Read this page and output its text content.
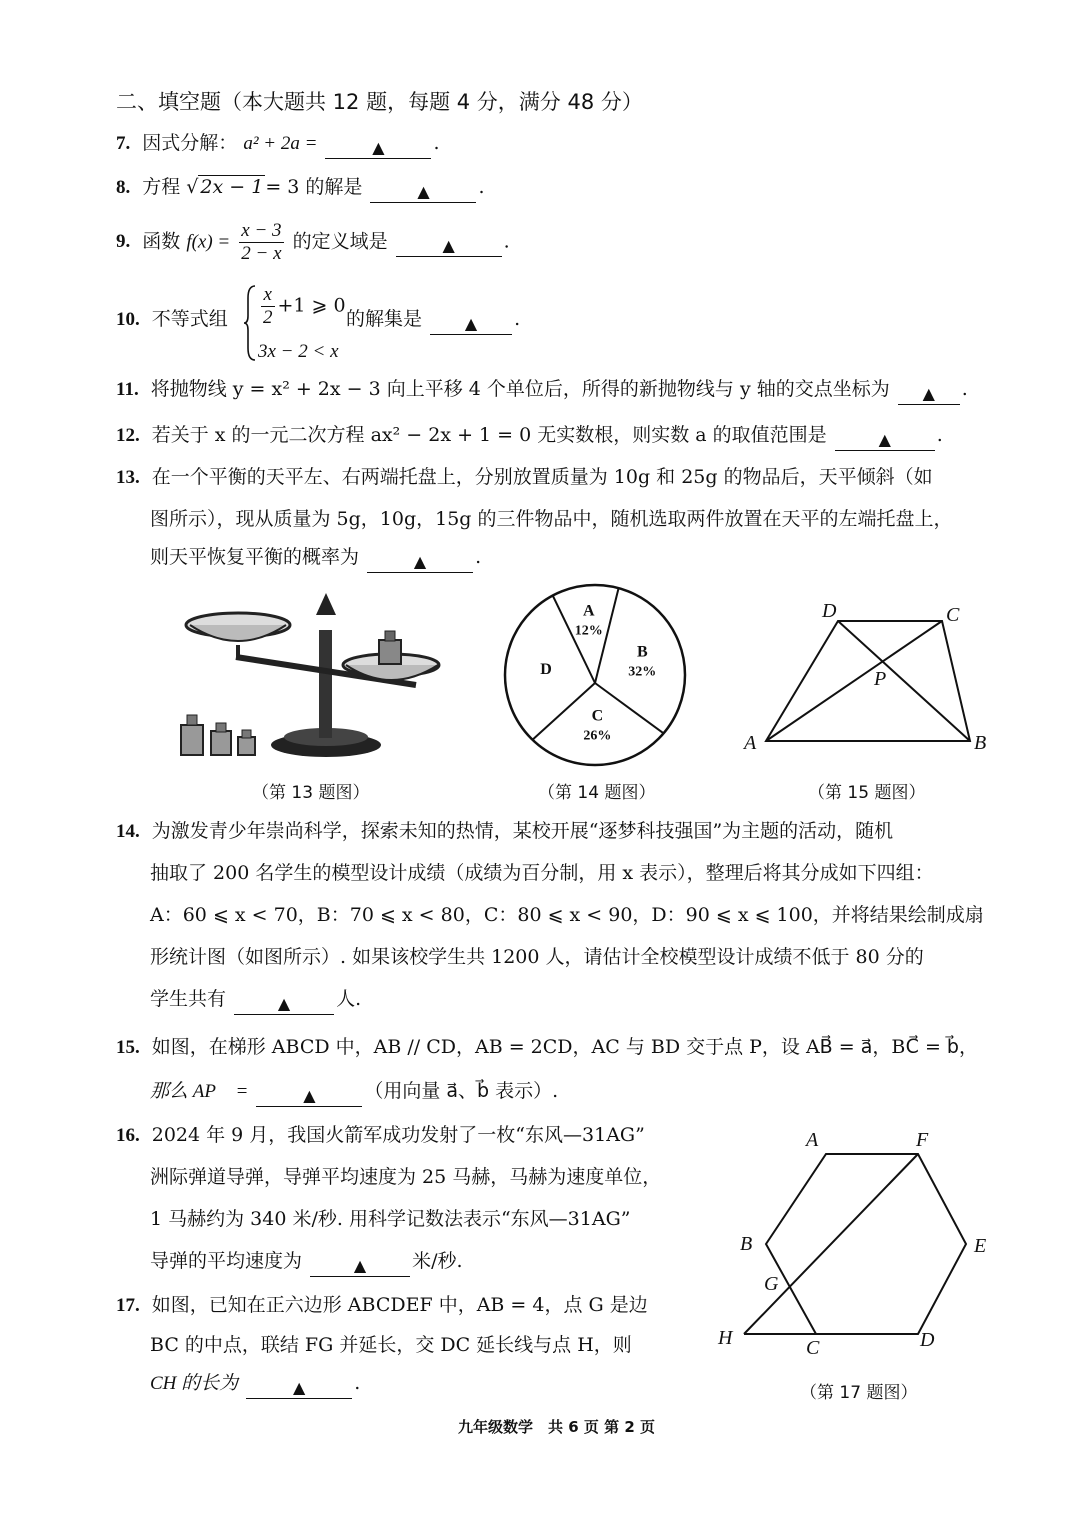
二、填空题（本大题共 12 题，每题 4 分，满分 48 分）
7. 因式分解： a² + 2a =	▲	.
8. 方程 √ 2x − 1 = 3 的解是	▲	.
9. 函数 $f(x) = \frac{x - 3}{2 - x}$ 的定义域是	▲	.
10. 不等式组 $\frac{x}{2} +1$ ⩾ 0
3x − 2 < x
的解集是	▲ .
11. 将抛物线 y = x² + 2x − 3 向上平移 4 个单位后，所得的新抛物线与 y 轴的交点坐标为 ▲ .
12. 若关于 x 的一元二次方程 ax² − 2x + 1 = 0 无实数根，则实数 a 的取值范围是	▲ .
13. 在一个平衡的天平左、右两端托盘上，分别放置质量为 10g 和 25g 的物品后，天平倾斜（如
图所示），现从质量为 5g，10g，15g 的三件物品中，随机选取两件放置在天平的左端托盘上，
则天平恢复平衡的概率为	▲	.
（第 13 题图）
A
12%
B
32%
C
26%
D
（第 14 题图）
A	B
C
D
P
（第 15 题图）
14. 为激发青少年崇尚科学，探索未知的热情，某校开展“逐梦科技强国”为主题的活动，随机
抽取了 200 名学生的模型设计成绩（成绩为百分制，用 x 表示），整理后将其分成如下四组：
A：60 ⩽ x < 70，B：70 ⩽ x < 80，C：80 ⩽ x < 90，D：90 ⩽ x ⩽ 100，并将结果绘制成扇
形统计图（如图所示）. 如果该校学生共 1200 人，请估计全校模型设计成绩不低于 80 分的
学生共有	▲ 人.
15. 如图，在梯形 ABCD 中，AB // CD，AB = 2CD，AC 与 BD 交于点 P，设 AB⃗ = a⃗，BC⃗ = b⃗，
那么 AP⃗ =	▲	（用向量 a⃗、b⃗ 表示）.
16. 2024 年 9 月，我国火箭军成功发射了一枚“东风—31AG”
洲际弹道导弹，导弹平均速度为 25 马赫，马赫为速度单位，
1 马赫约为 340 米/秒. 用科学记数法表示“东风—31AG”
导弹的平均速度为	▲ 米/秒.
17. 如图，已知在正六边形 ABCDEF 中，AB = 4，点 G 是边
BC 的中点，联结 FG 并延长，交 DC 延长线与点 H，则
CH 的长为	▲	.
A	F
B	E
G
H	C	D
（第 17 题图）
九年级数学　共 6 页 第 2 页
